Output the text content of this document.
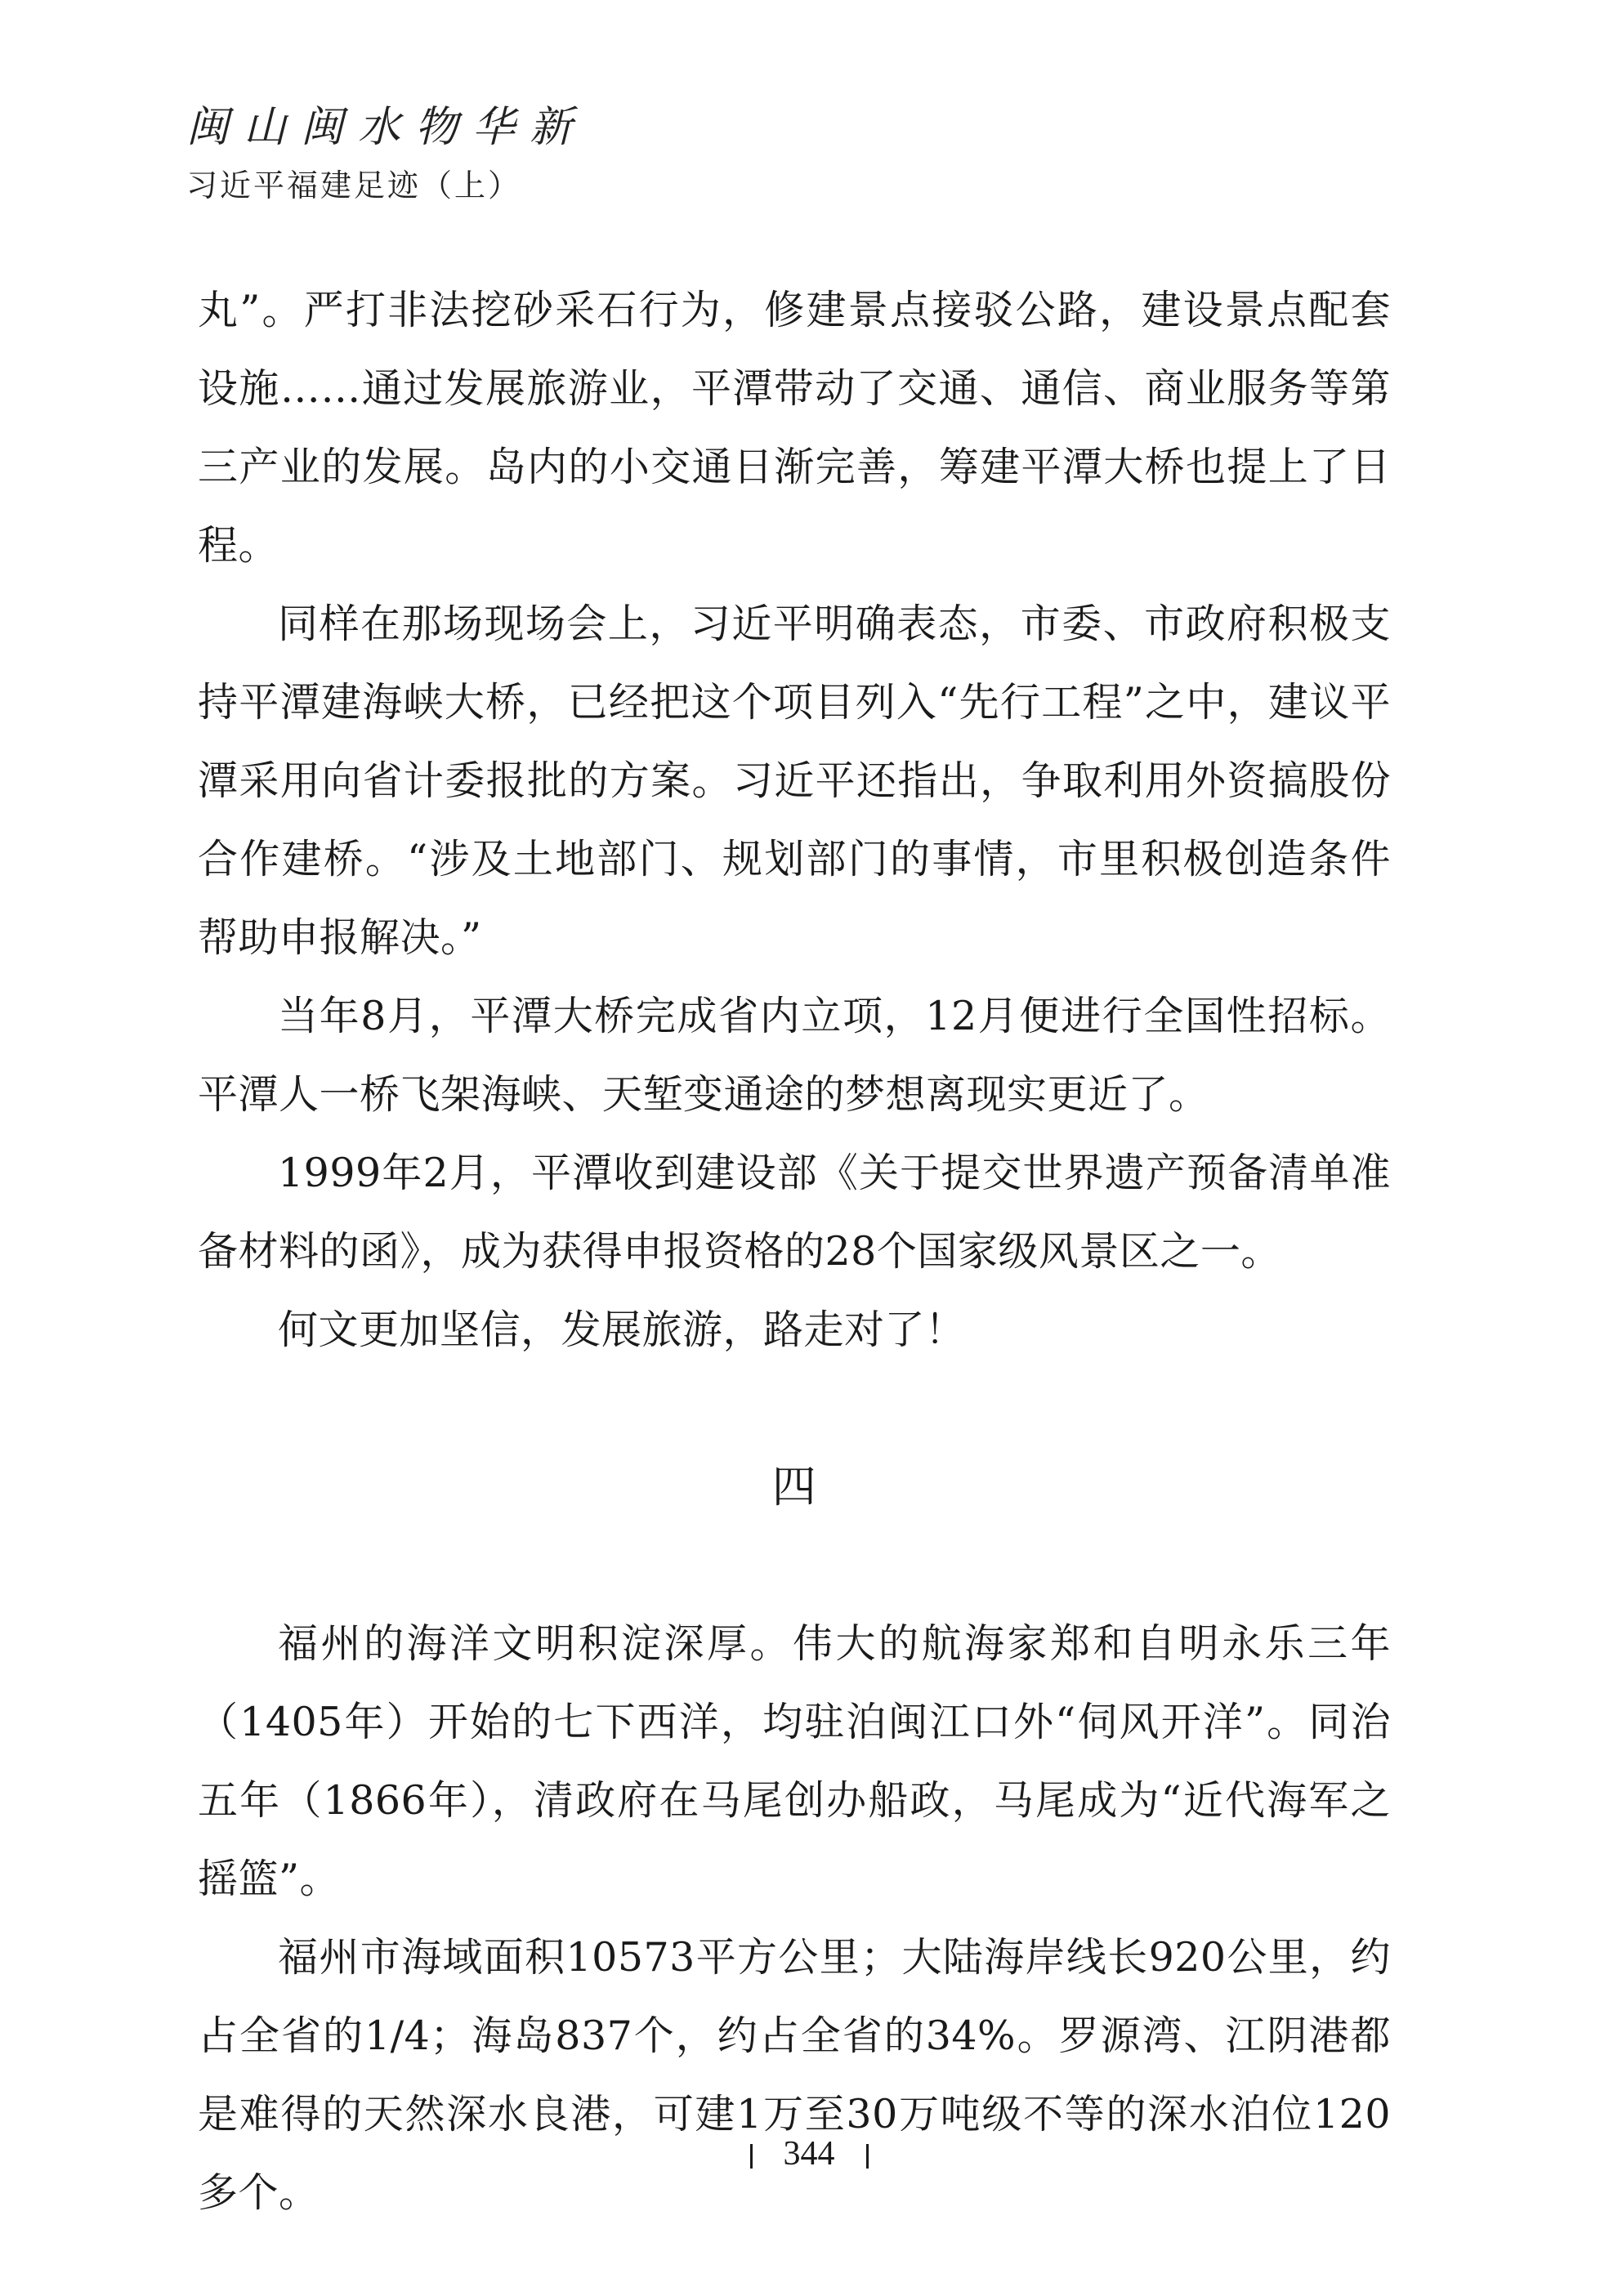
闽山闽水物华新
习近平福建足迹（上）

丸”。严打非法挖砂采石行为，修建景点接驳公路，建设景点配套设施……通过发展旅游业，平潭带动了交通、通信、商业服务等第三产业的发展。岛内的小交通日渐完善，筹建平潭大桥也提上了日程。

同样在那场现场会上，习近平明确表态，市委、市政府积极支持平潭建海峡大桥，已经把这个项目列入“先行工程”之中，建议平潭采用向省计委报批的方案。习近平还指出，争取利用外资搞股份合作建桥。“涉及土地部门、规划部门的事情，市里积极创造条件帮助申报解决。”

当年8月，平潭大桥完成省内立项，12月便进行全国性招标。平潭人一桥飞架海峡、天堑变通途的梦想离现实更近了。

1999年2月，平潭收到建设部《关于提交世界遗产预备清单准备材料的函》，成为获得申报资格的28个国家级风景区之一。

何文更加坚信，发展旅游，路走对了！

四

福州的海洋文明积淀深厚。伟大的航海家郑和自明永乐三年（1405年）开始的七下西洋，均驻泊闽江口外“伺风开洋”。同治五年（1866年），清政府在马尾创办船政，马尾成为“近代海军之摇篮”。

福州市海域面积10573平方公里；大陆海岸线长920公里，约占全省的1/4；海岛837个，约占全省的34%。罗源湾、江阴港都是难得的天然深水良港，可建1万至30万吨级不等的深水泊位120多个。

344
